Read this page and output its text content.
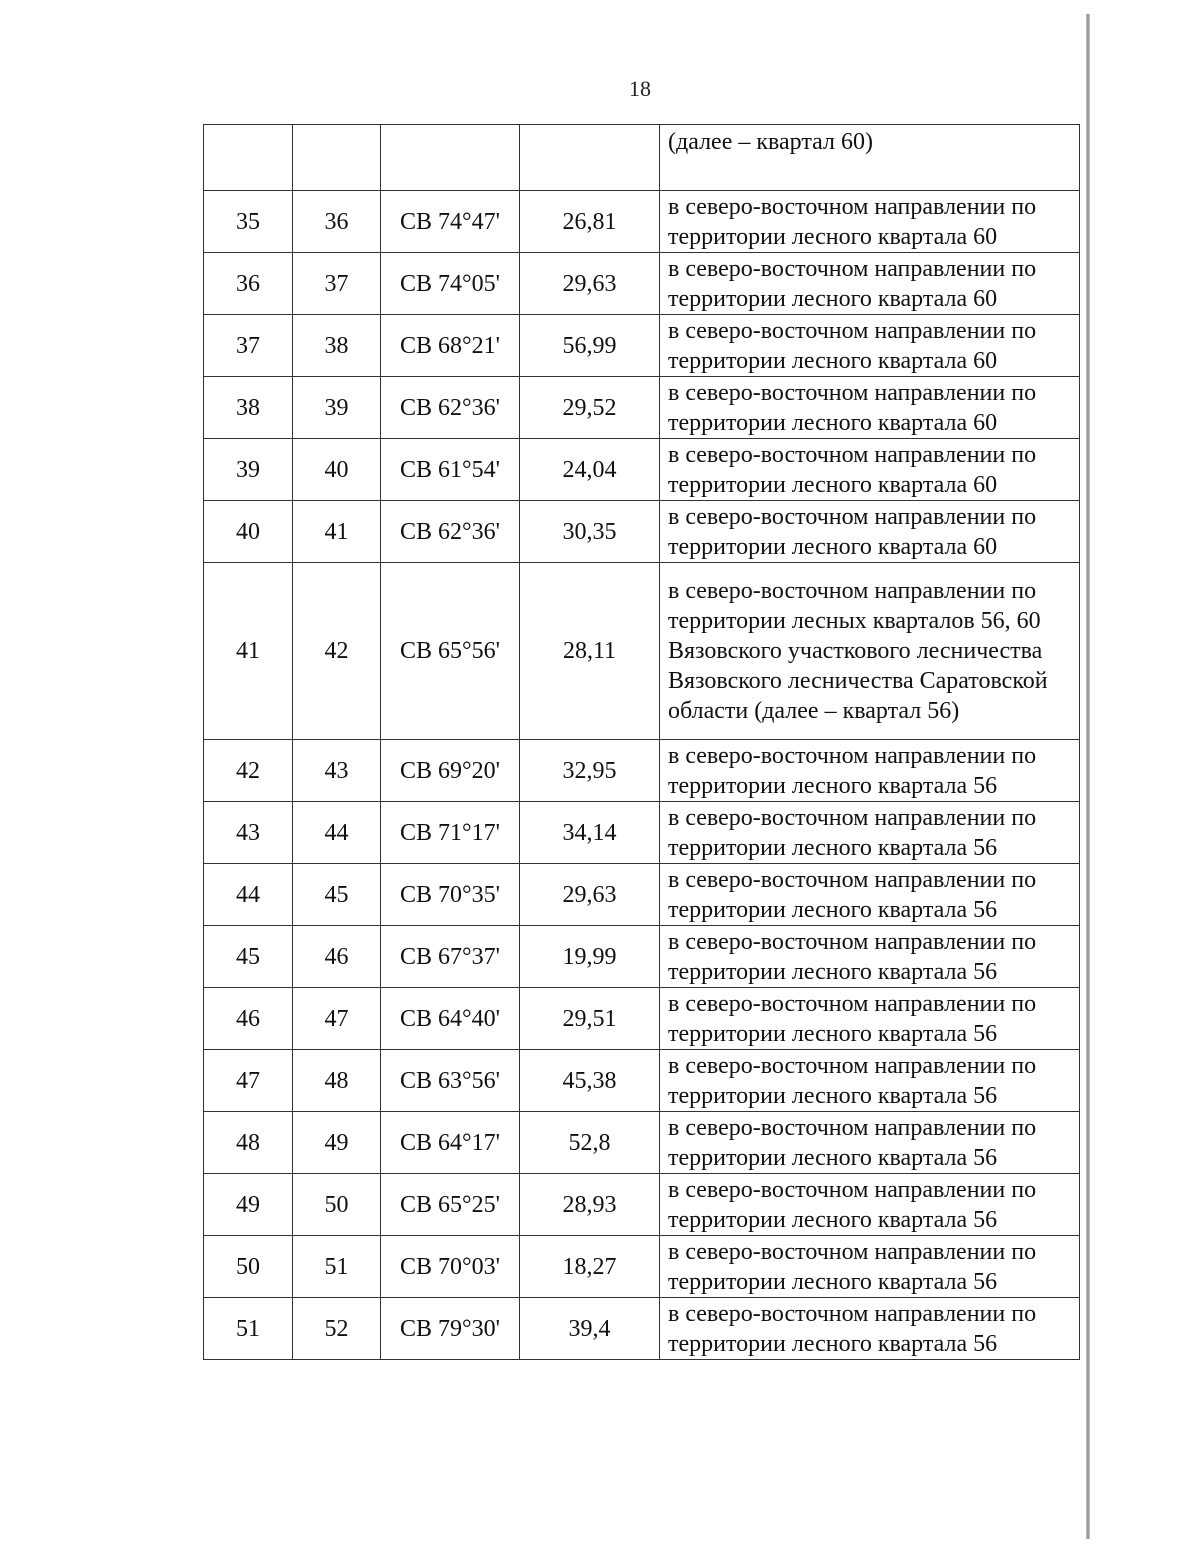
18
				(далее – квартал 60)
35	36	СВ 74°47'	26,81	в северо-восточном направлении по территории лесного квартала 60
36	37	СВ 74°05'	29,63	в северо-восточном направлении по территории лесного квартала 60
37	38	СВ 68°21'	56,99	в северо-восточном направлении по территории лесного квартала 60
38	39	СВ 62°36'	29,52	в северо-восточном направлении по территории лесного квартала 60
39	40	СВ 61°54'	24,04	в северо-восточном направлении по территории лесного квартала 60
40	41	СВ 62°36'	30,35	в северо-восточном направлении по территории лесного квартала 60
41	42	СВ 65°56'	28,11	в северо-восточном направлении по территории лесных кварталов 56, 60 Вязовского участкового лесничества Вязовского лесничества Саратовской области (далее – квартал 56)
42	43	СВ 69°20'	32,95	в северо-восточном направлении по территории лесного квартала 56
43	44	СВ 71°17'	34,14	в северо-восточном направлении по территории лесного квартала 56
44	45	СВ 70°35'	29,63	в северо-восточном направлении по территории лесного квартала 56
45	46	СВ 67°37'	19,99	в северо-восточном направлении по территории лесного квартала 56
46	47	СВ 64°40'	29,51	в северо-восточном направлении по территории лесного квартала 56
47	48	СВ 63°56'	45,38	в северо-восточном направлении по территории лесного квартала 56
48	49	СВ 64°17'	52,8	в северо-восточном направлении по территории лесного квартала 56
49	50	СВ 65°25'	28,93	в северо-восточном направлении по территории лесного квартала 56
50	51	СВ 70°03'	18,27	в северо-восточном направлении по территории лесного квартала 56
51	52	СВ 79°30'	39,4	в северо-восточном направлении по территории лесного квартала 56
